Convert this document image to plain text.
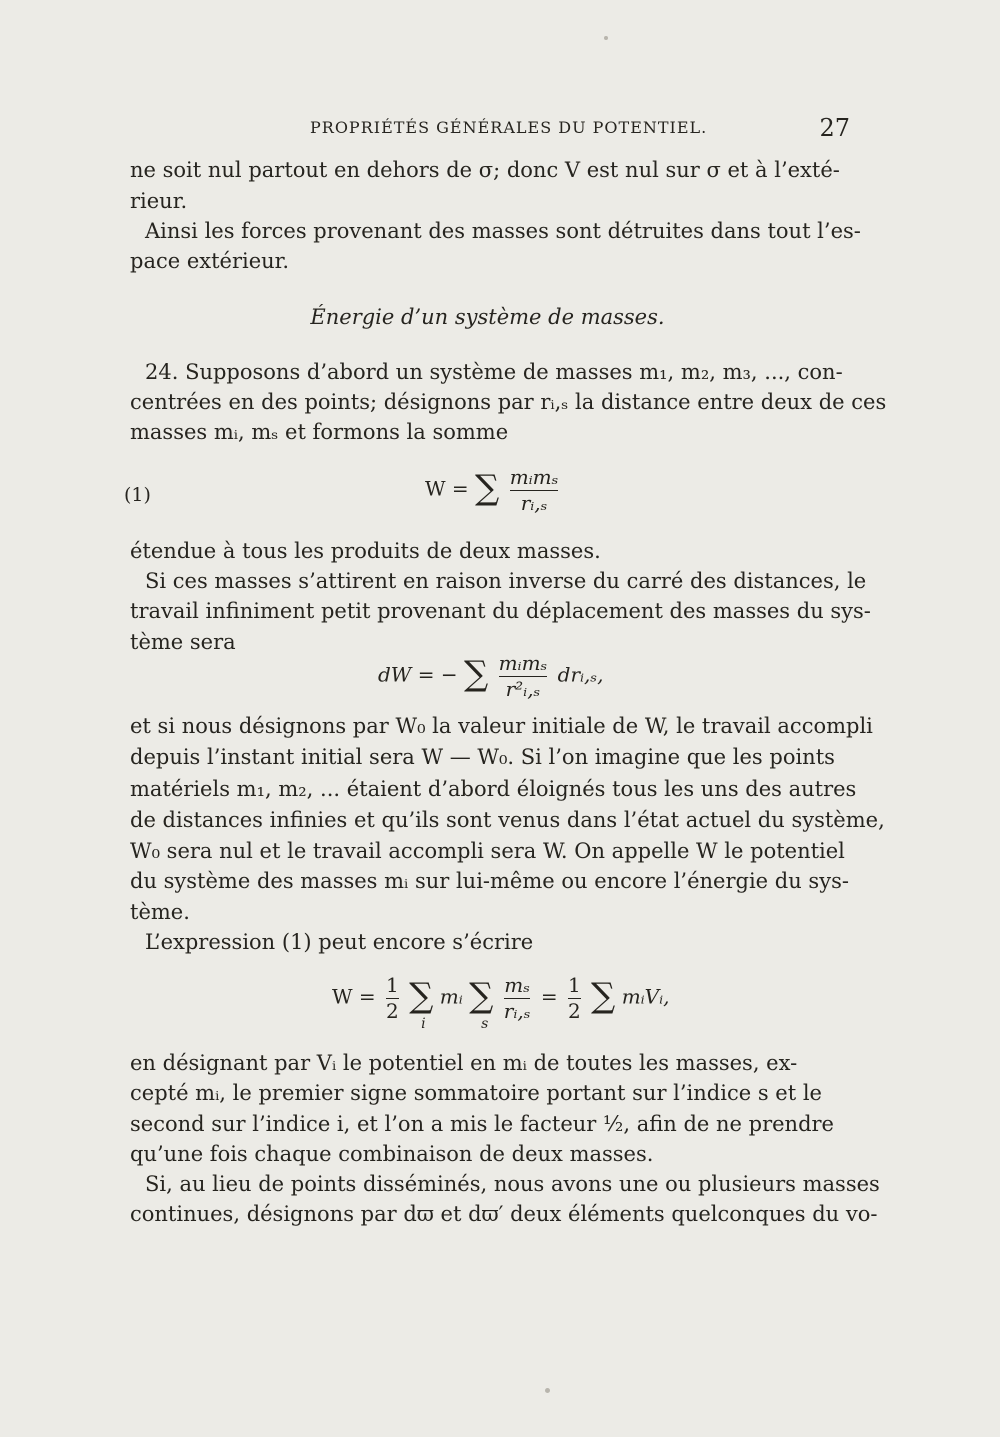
PROPRIÉTÉS GÉNÉRALES DU POTENTIEL.	27
ne soit nul partout en dehors de σ; donc V est nul sur σ et à l’exté-
rieur.
Ainsi les forces provenant des masses sont détruites dans tout l’es-
pace extérieur.
Énergie d’un système de masses.
24. Supposons d’abord un système de masses m₁, m₂, m₃, ..., con-
centrées en des points; désignons par rᵢ,ₛ la distance entre deux de ces
masses mᵢ, mₛ et formons la somme
(1)	W = ∑ $\frac{\text{mᵢmₛ}}{\text{rᵢ,ₛ}}$
étendue à tous les produits de deux masses.
Si ces masses s’attirent en raison inverse du carré des distances, le
travail infiniment petit provenant du déplacement des masses du sys-
tème sera
dW = − ∑ $\frac{\text{mᵢmₛ}}{\text{r²ᵢ,ₛ}}$ drᵢ,ₛ,
et si nous désignons par W₀ la valeur initiale de W, le travail accompli
depuis l’instant initial sera W — W₀. Si l’on imagine que les points
matériels m₁, m₂, ... étaient d’abord éloignés tous les uns des autres
de distances infinies et qu’ils sont venus dans l’état actuel du système,
W₀ sera nul et le travail accompli sera W. On appelle W le potentiel
du système des masses mᵢ sur lui-même ou encore l’énergie du sys-
tème.
L’expression (1) peut encore s’écrire
$W = \frac{1}{2}$ ∑
i
mᵢ ∑
s

$\frac{\text{mₛ}}{\text{rᵢ,ₛ}} = \frac{1}{2}$ ∑ mᵢVᵢ,
en désignant par Vᵢ le potentiel en mᵢ de toutes les masses, ex-
cepté mᵢ, le premier signe sommatoire portant sur l’indice s et le
second sur l’indice i, et l’on a mis le facteur ½, afin de ne prendre
qu’une fois chaque combinaison de deux masses.
Si, au lieu de points disséminés, nous avons une ou plusieurs masses
continues, désignons par dϖ et dϖ′ deux éléments quelconques du vo-
